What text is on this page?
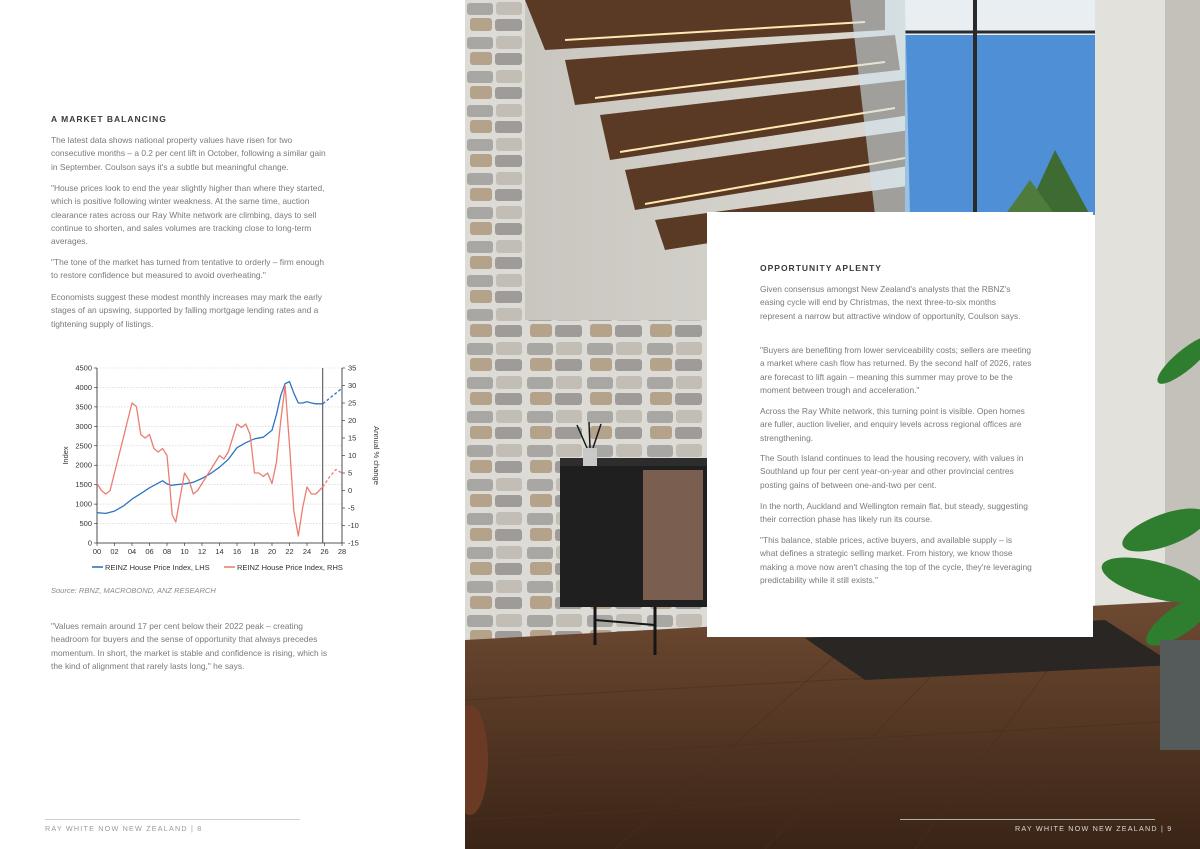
A MARKET BALANCING

The latest data shows national property values have risen for two consecutive months – a 0.2 per cent lift in October, following a similar gain in September. Coulson says it's a subtle but meaningful change.

"House prices look to end the year slightly higher than where they started, which is positive following winter weakness. At the same time, auction clearance rates across our Ray White network are climbing, days to sell continue to shorten, and sales volumes are tracking close to long-term averages.

"The tone of the market has turned from tentative to orderly – firm enough to restore confidence but measured to avoid overheating."

Economists suggest these modest monthly increases may mark the early stages of an upswing, supported by falling mortgage lending rates and a tightening supply of listings.

0
500
1000
1500
2000
2500
3000
3500
4000
4500
-15
-10
-5
0
5
10
15
20
25
30
35
00 02 04 06 08 10 12 14 16 18 20 22 24 26 28
Index	Annual % change
REINZ House Price Index, LHS	REINZ House Price Index, RHS
Source: RBNZ, MACROBOND, ANZ RESEARCH

"Values remain around 17 per cent below their 2022 peak – creating headroom for buyers and the sense of opportunity that always precedes momentum. In short, the market is stable and confidence is rising, which is the kind of alignment that rarely lasts long," he says.

RAY WHITE NOW NEW ZEALAND | 8
OPPORTUNITY APLENTY

Given consensus amongst New Zealand's analysts that the RBNZ's easing cycle will end by Christmas, the next three-to-six months represent a narrow but attractive window of opportunity, Coulson says.

"Buyers are benefiting from lower serviceability costs; sellers are meeting a market where cash flow has returned. By the second half of 2026, rates are forecast to lift again – meaning this summer may prove to be the moment between trough and acceleration."

Across the Ray White network, this turning point is visible. Open homes are fuller, auction livelier, and enquiry levels across regional offices are strengthening.

The South Island continues to lead the housing recovery, with values in Southland up four per cent year-on-year and other provincial centres posting gains of between one-and-two per cent.

In the north, Auckland and Wellington remain flat, but steady, suggesting their correction phase has likely run its course.

"This balance, stable prices, active buyers, and available supply – is what defines a strategic selling market. From history, we know those making a move now aren't chasing the top of the cycle, they're leveraging predictability while it still exists."

RAY WHITE NOW NEW ZEALAND | 9
